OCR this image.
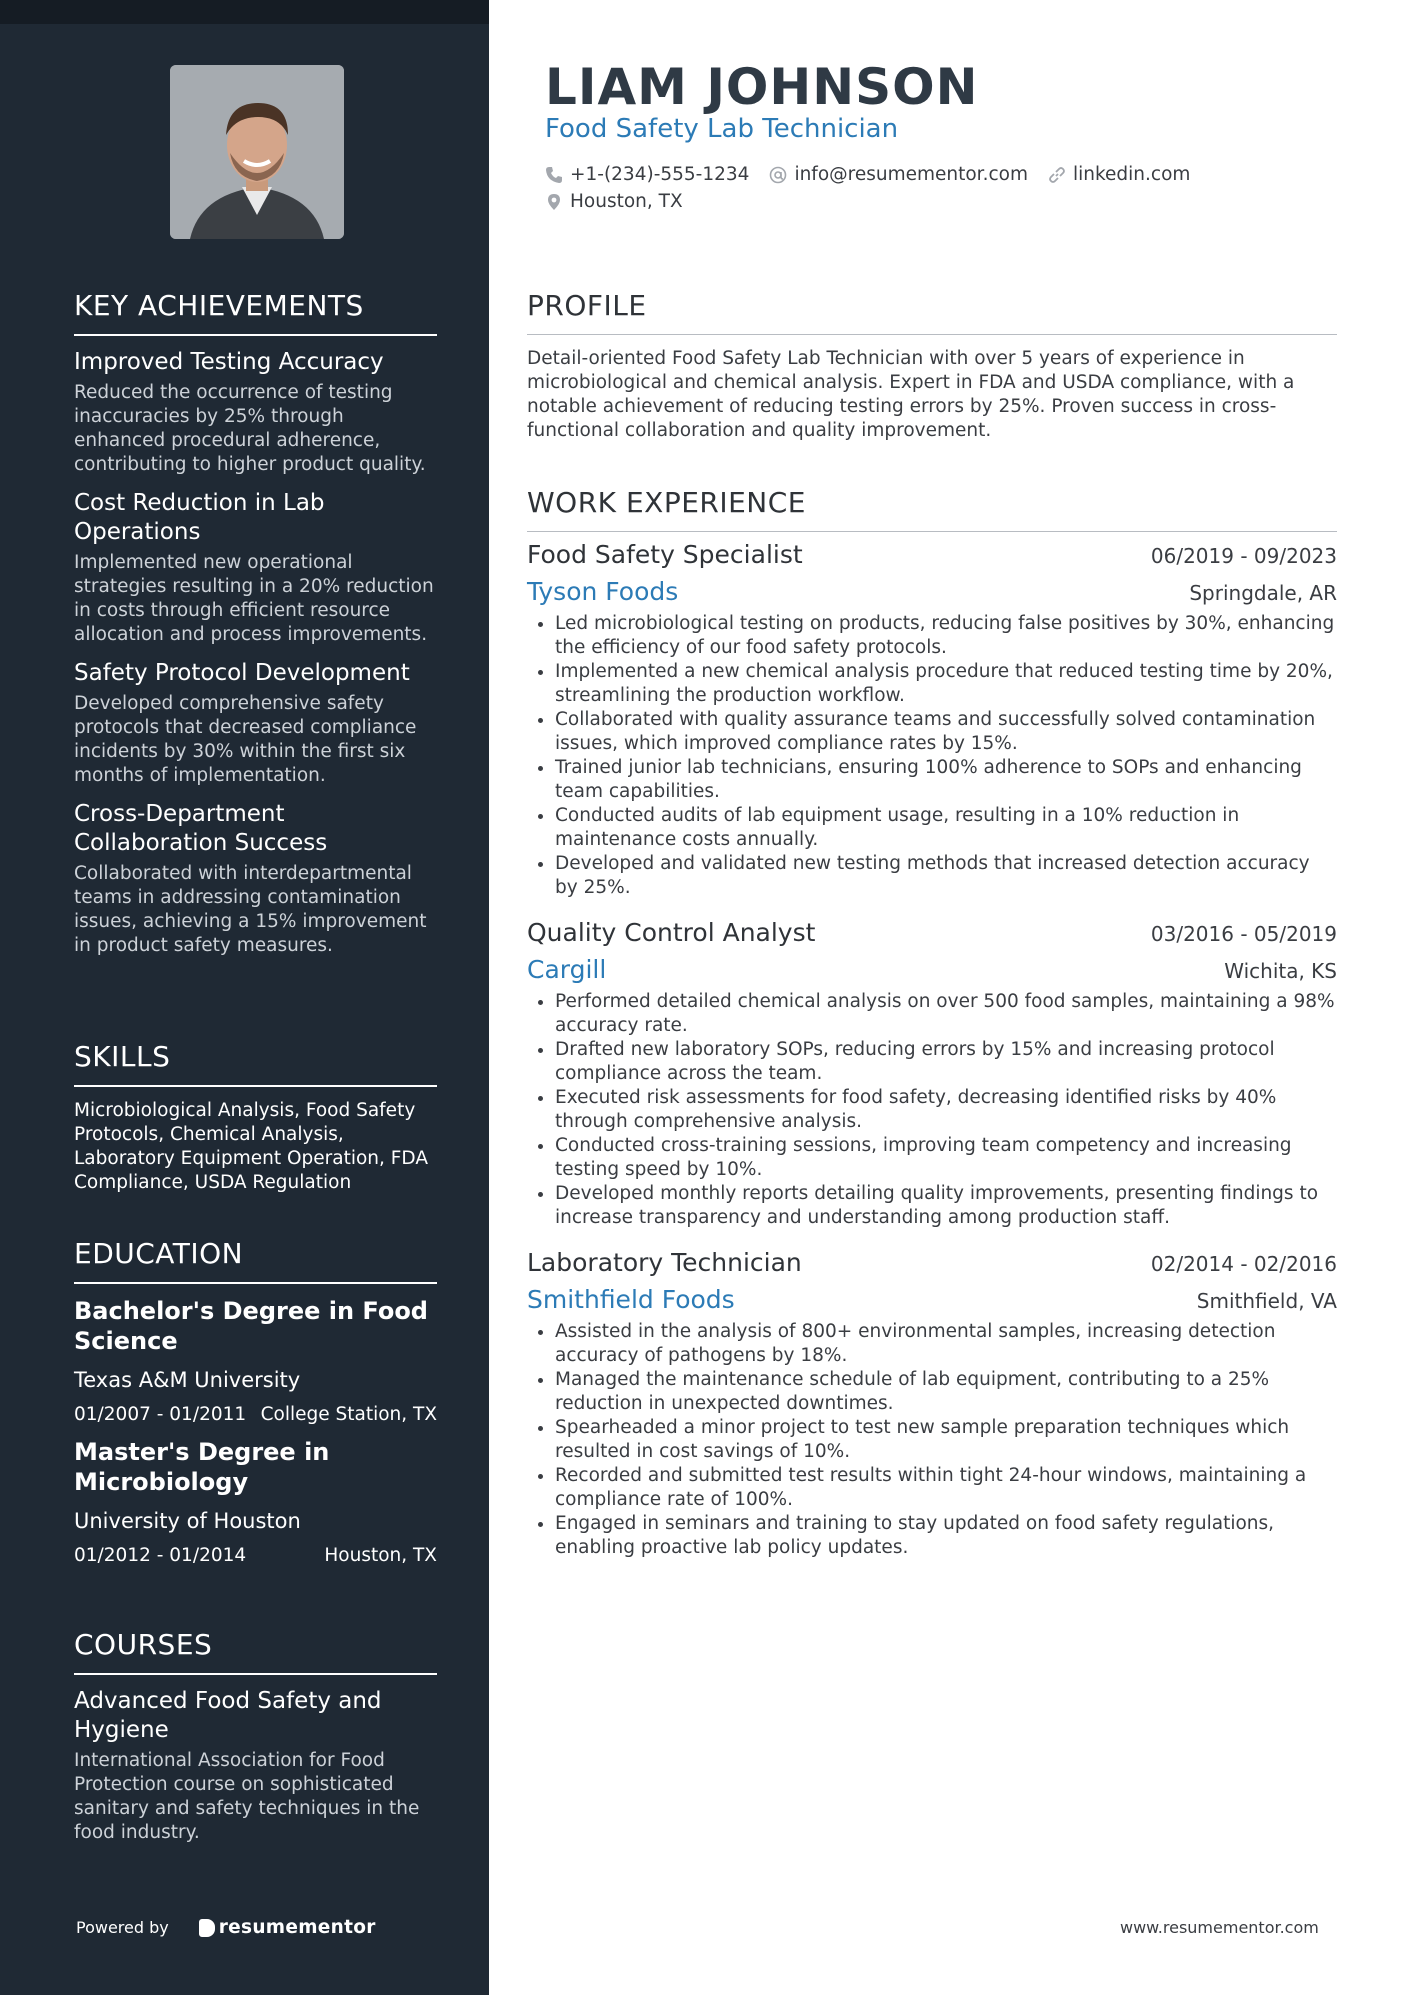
KEY ACHIEVEMENTS
Improved Testing Accuracy
Reduced the occurrence of testing inaccuracies by 25% through enhanced procedural adherence, contributing to higher product quality.
Cost Reduction in Lab Operations
Implemented new operational strategies resulting in a 20% reduction in costs through efficient resource allocation and process improvements.
Safety Protocol Development
Developed comprehensive safety protocols that decreased compliance incidents by 30% within the first six months of implementation.
Cross-Department Collaboration Success
Collaborated with interdepartmental teams in addressing contamination issues, achieving a 15% improvement in product safety measures.
SKILLS
Microbiological Analysis, Food Safety Protocols, Chemical Analysis, Laboratory Equipment Operation, FDA Compliance, USDA Regulation
EDUCATION
Bachelor's Degree in Food Science
Texas A&M University
01/2007 - 01/2011 College Station, TX
Master's Degree in Microbiology
University of Houston
01/2012 - 01/2014	Houston, TX
COURSES
Advanced Food Safety and Hygiene
International Association for Food Protection course on sophisticated sanitary and safety techniques in the food industry.
Powered by	resumementor
LIAM JOHNSON
Food Safety Lab Technician
+1-(234)-555-1234 info@resumementor.com linkedin.com
Houston, TX
PROFILE
Detail-oriented Food Safety Lab Technician with over 5 years of experience in microbiological and chemical analysis. Expert in FDA and USDA compliance, with a notable achievement of reducing testing errors by 25%. Proven success in cross-functional collaboration and quality improvement.
WORK EXPERIENCE
Food Safety Specialist	06/2019 - 09/2023
Tyson Foods	Springdale, AR
• Led microbiological testing on products, reducing false positives by 30%, enhancing the efficiency of our food safety protocols.
• Implemented a new chemical analysis procedure that reduced testing time by 20%, streamlining the production workflow.
• Collaborated with quality assurance teams and successfully solved contamination issues, which improved compliance rates by 15%.
• Trained junior lab technicians, ensuring 100% adherence to SOPs and enhancing team capabilities.
• Conducted audits of lab equipment usage, resulting in a 10% reduction in maintenance costs annually.
• Developed and validated new testing methods that increased detection accuracy by 25%.
Quality Control Analyst	03/2016 - 05/2019
Cargill	Wichita, KS
• Performed detailed chemical analysis on over 500 food samples, maintaining a 98% accuracy rate.
• Drafted new laboratory SOPs, reducing errors by 15% and increasing protocol compliance across the team.
• Executed risk assessments for food safety, decreasing identified risks by 40% through comprehensive analysis.
• Conducted cross-training sessions, improving team competency and increasing testing speed by 10%.
• Developed monthly reports detailing quality improvements, presenting findings to increase transparency and understanding among production staff.
Laboratory Technician	02/2014 - 02/2016
Smithfield Foods	Smithfield, VA
• Assisted in the analysis of 800+ environmental samples, increasing detection accuracy of pathogens by 18%.
• Managed the maintenance schedule of lab equipment, contributing to a 25% reduction in unexpected downtimes.
• Spearheaded a minor project to test new sample preparation techniques which resulted in cost savings of 10%.
• Recorded and submitted test results within tight 24-hour windows, maintaining a compliance rate of 100%.
• Engaged in seminars and training to stay updated on food safety regulations, enabling proactive lab policy updates.
www.resumementor.com
